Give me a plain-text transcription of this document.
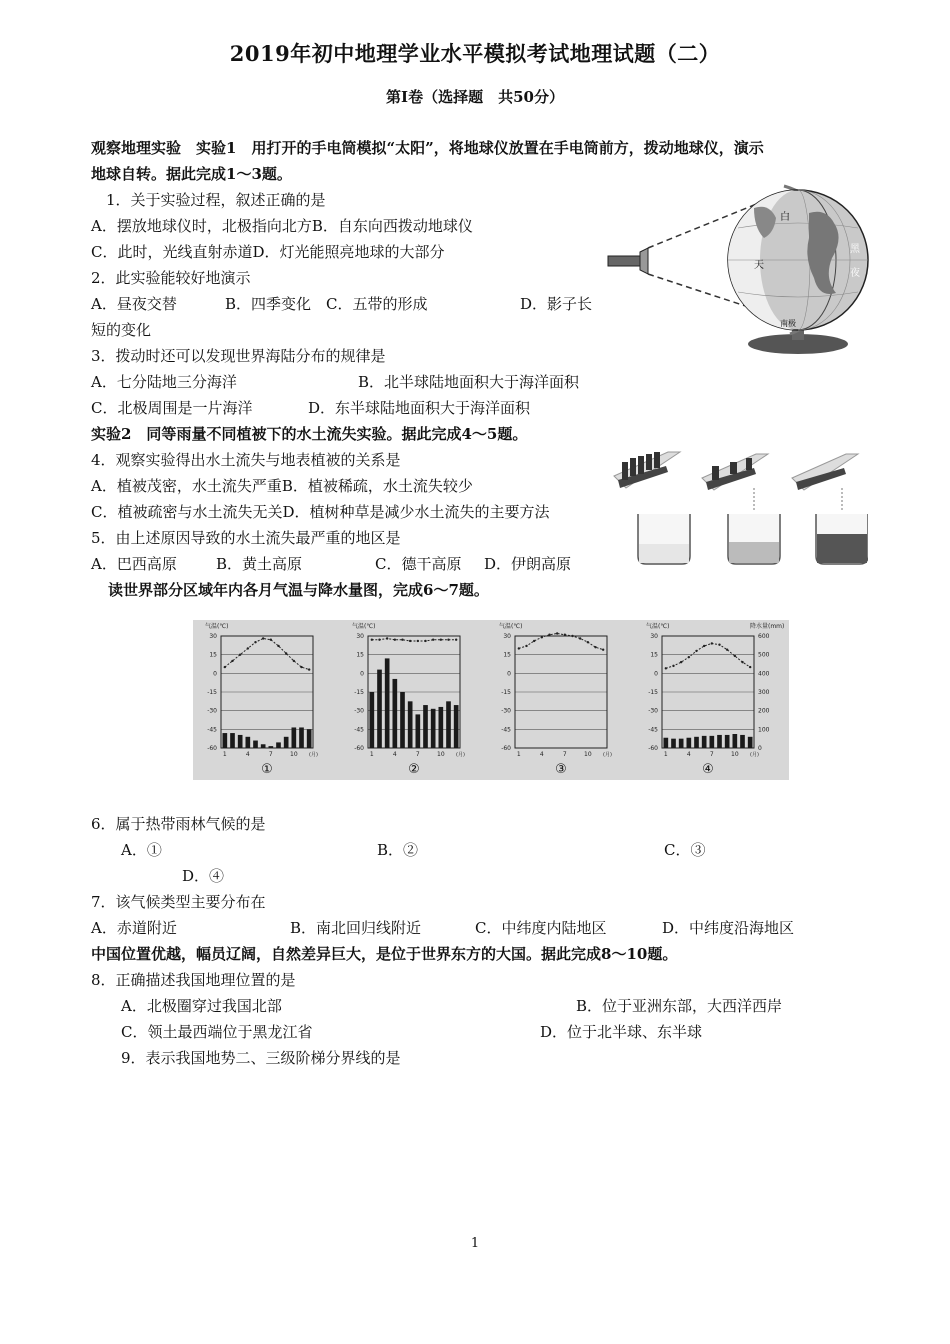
2019年初中地理学业水平模拟考试地理试题（二）
第Ⅰ卷（选择题　共50分）
观察地理实验　实验1　用打开的手电筒模拟“太阳”，将地球仪放置在手电筒前方，拨动地球仪，演示
地球自转。据此完成1～3题。
1．关于实验过程，叙述正确的是
A．摆放地球仪时，北极指向北方B．自东向西拨动地球仪
C．此时，光线直射赤道D．灯光能照亮地球的大部分
2．此实验能较好地演示
A．昼夜交替	B．四季变化 C．五带的形成	D．影子长
短的变化
3．拨动时还可以发现世界海陆分布的规律是
A．七分陆地三分海洋	B．北半球陆地面积大于海洋面积
C．北极周围是一片海洋	D．东半球陆地面积大于海洋面积
白
天
黑
夜
南极
实验2　同等雨量不同植被下的水土流失实验。据此完成4～5题。
4．观察实验得出水土流失与地表植被的关系是
A．植被茂密，水土流失严重B．植被稀疏，水土流失较少
C．植被疏密与水土流失无关D．植树种草是减少水土流失的主要方法
5．由上述原因导致的水土流失最严重的地区是
A．巴西高原	B．黄土高原	C．德干高原 D．伊朗高原
读世界部分区域年内各月气温与降水量图，完成6～7题。
气温(℃)
30
15
0
-15
-30
-45
-60
1	4	7	10 (月)
①
气温(℃)
30
15
0
-15
-30
-45
-60
1	4	7	10 (月)
②
气温(℃)
30
15
0
-15
-30
-45
-60
1	4	7	10 (月)
③
气温(℃)	降水量(mm)
30	600
15	500
0	400
-15	300
-30	200
-45	100
-60	0
1	4	7	10 (月)
④
6．属于热带雨林气候的是
A．①	B．②	C．③
D．④
7．该气候类型主要分布在
A．赤道附近	B．南北回归线附近	C．中纬度内陆地区	D．中纬度沿海地区
中国位置优越，幅员辽阔，自然差异巨大，是位于世界东方的大国。据此完成8～10题。
8．正确描述我国地理位置的是
A．北极圈穿过我国北部	B．位于亚洲东部，大西洋西岸
C．领土最西端位于黑龙江省	D．位于北半球、东半球
9．表示我国地势二、三级阶梯分界线的是
1
